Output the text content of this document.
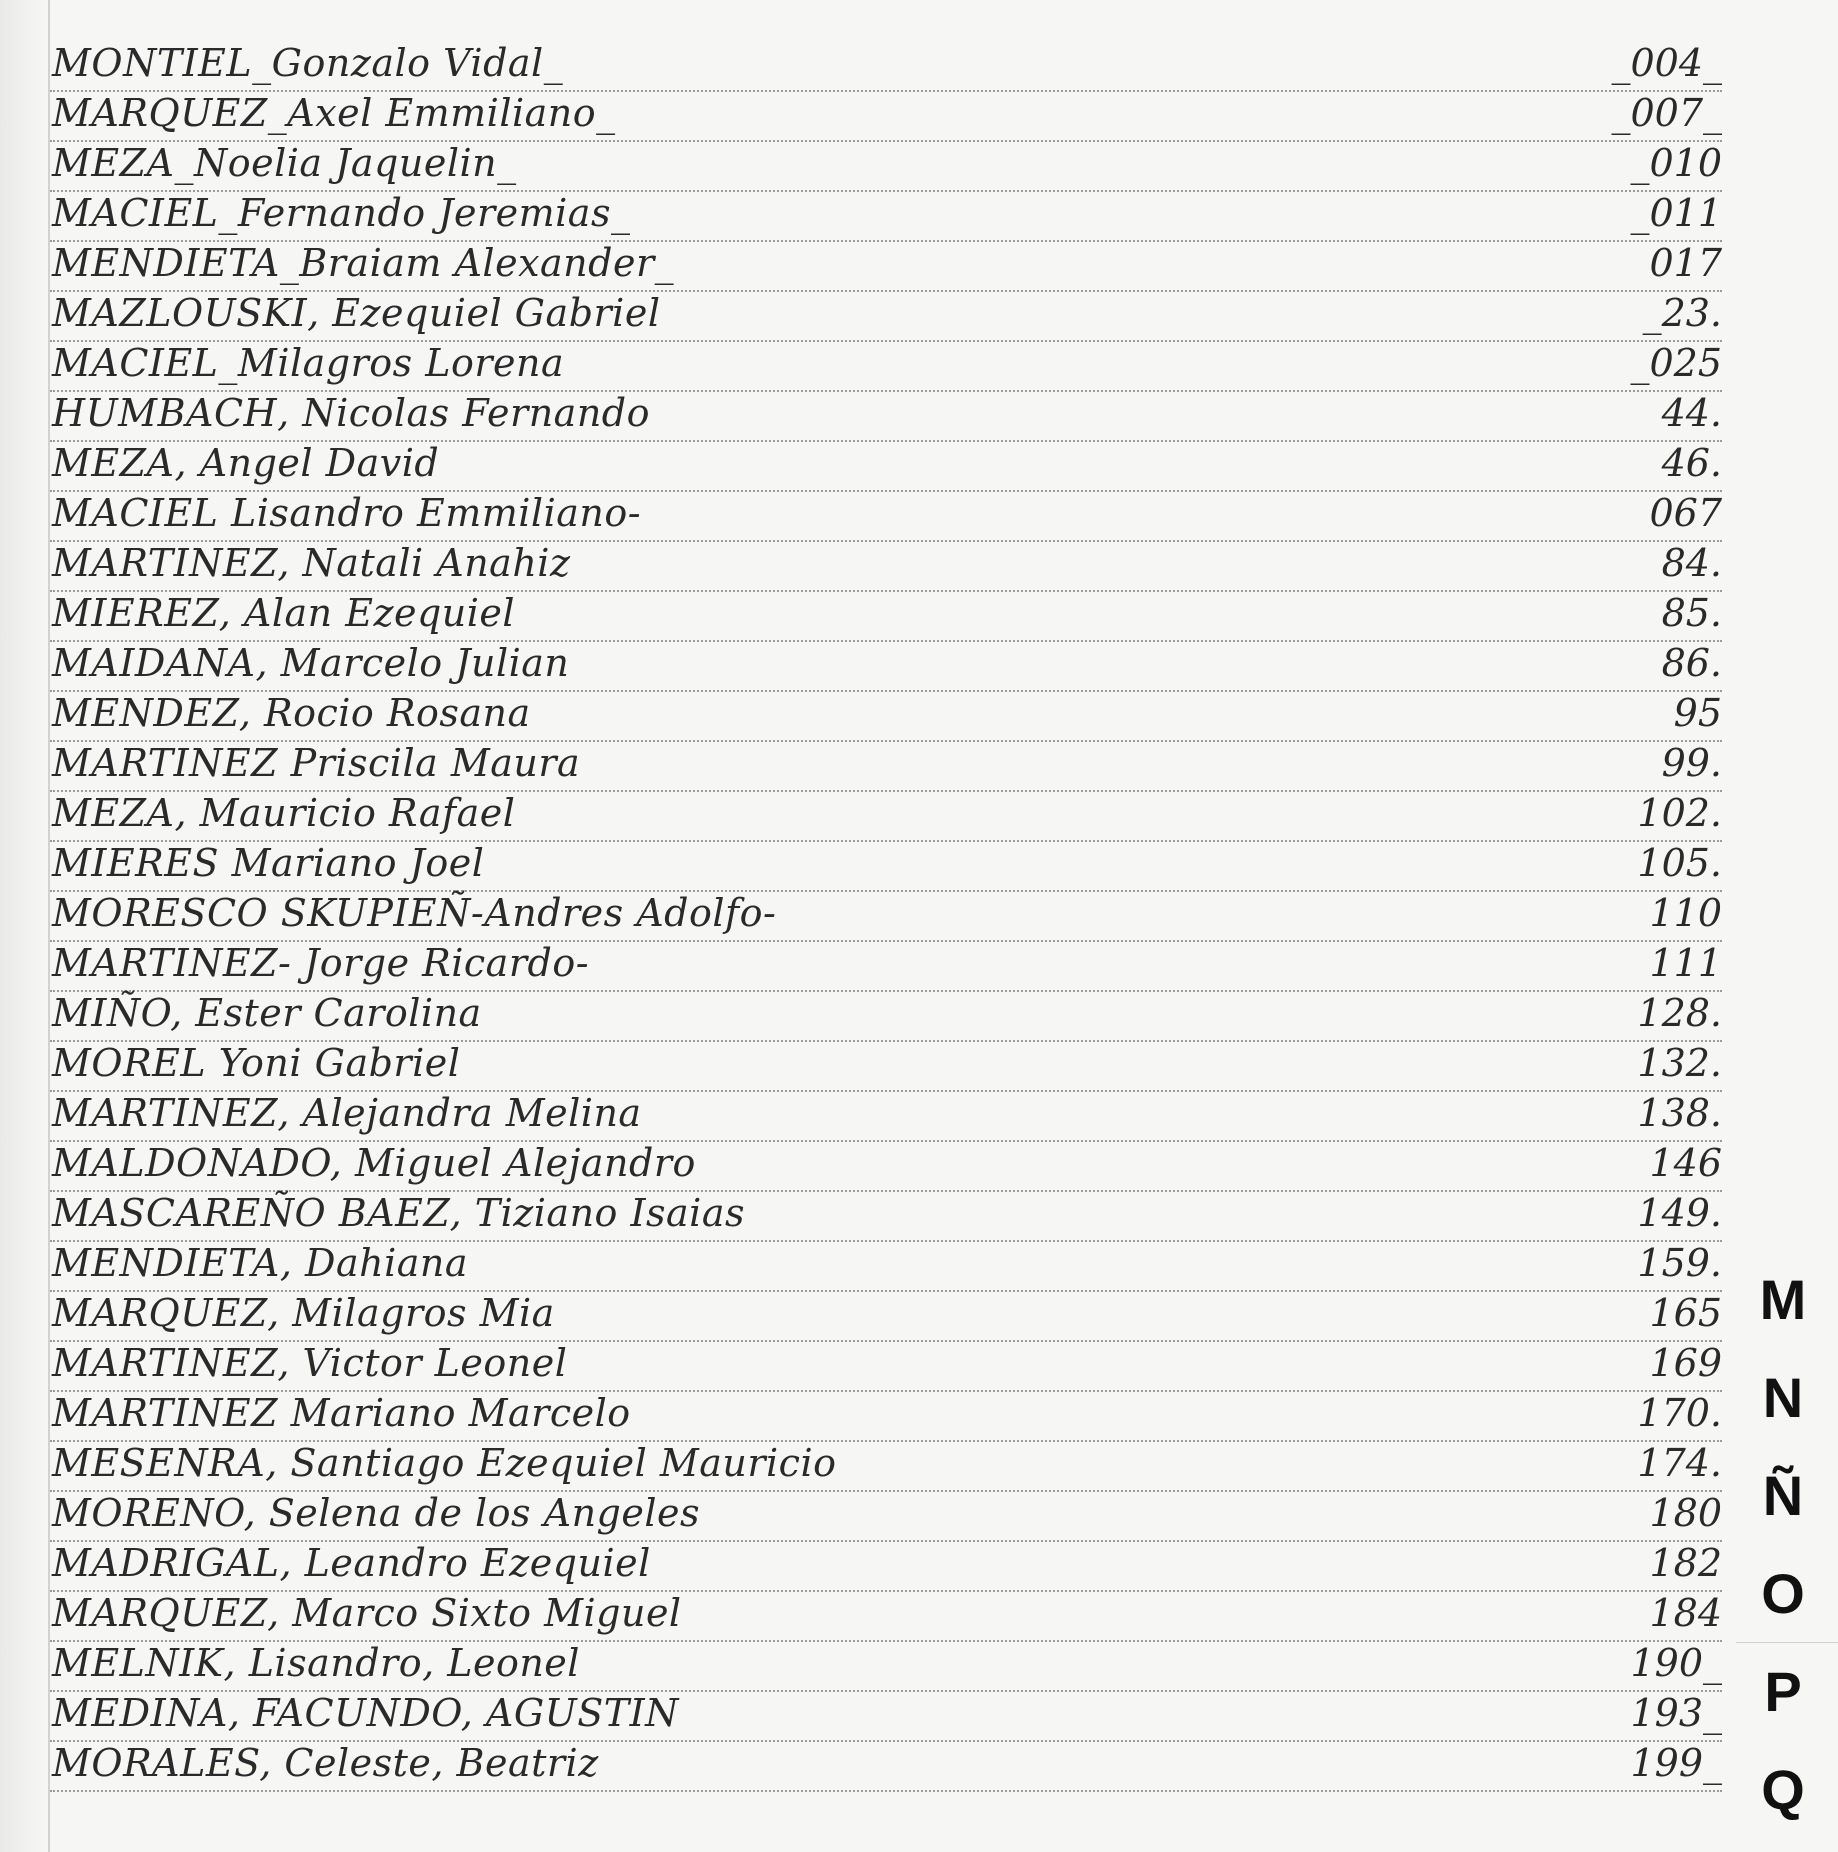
MONTIEL_Gonzalo Vidal_	_004_
MARQUEZ_Axel Emmiliano_	_007_
MEZA_Noelia Jaquelin_	_010
MACIEL_Fernando Jeremias_	_011
MENDIETA_Braiam Alexander_	017
MAZLOUSKI, Ezequiel Gabriel	_23.
MACIEL_Milagros Lorena	_025
HUMBACH, Nicolas Fernando	44.
MEZA, Angel David	46.
MACIEL Lisandro Emmiliano-	067
MARTINEZ, Natali Anahiz	84.
MIEREZ, Alan Ezequiel	85.
MAIDANA, Marcelo Julian	86.
MENDEZ, Rocio Rosana	95
MARTINEZ Priscila Maura	99.
MEZA, Mauricio Rafael	102.
MIERES Mariano Joel	105.
MORESCO SKUPIEÑ-Andres Adolfo-	110
MARTINEZ- Jorge Ricardo-	111
MIÑO, Ester Carolina	128.
MOREL Yoni Gabriel	132.
MARTINEZ, Alejandra Melina	138.
MALDONADO, Miguel Alejandro	146
MASCAREÑO BAEZ, Tiziano Isaias	149.
MENDIETA, Dahiana	159.
MARQUEZ, Milagros Mia	165
MARTINEZ, Victor Leonel	169
MARTINEZ Mariano Marcelo	170.
MESENRA, Santiago Ezequiel Mauricio	174.
MORENO, Selena de los Angeles	180
MADRIGAL, Leandro Ezequiel	182
MARQUEZ, Marco Sixto Miguel	184
MELNIK, Lisandro, Leonel	190_
MEDINA, FACUNDO, AGUSTIN	193_
MORALES, Celeste, Beatriz	199_
M
N
Ñ
O
P
Q
